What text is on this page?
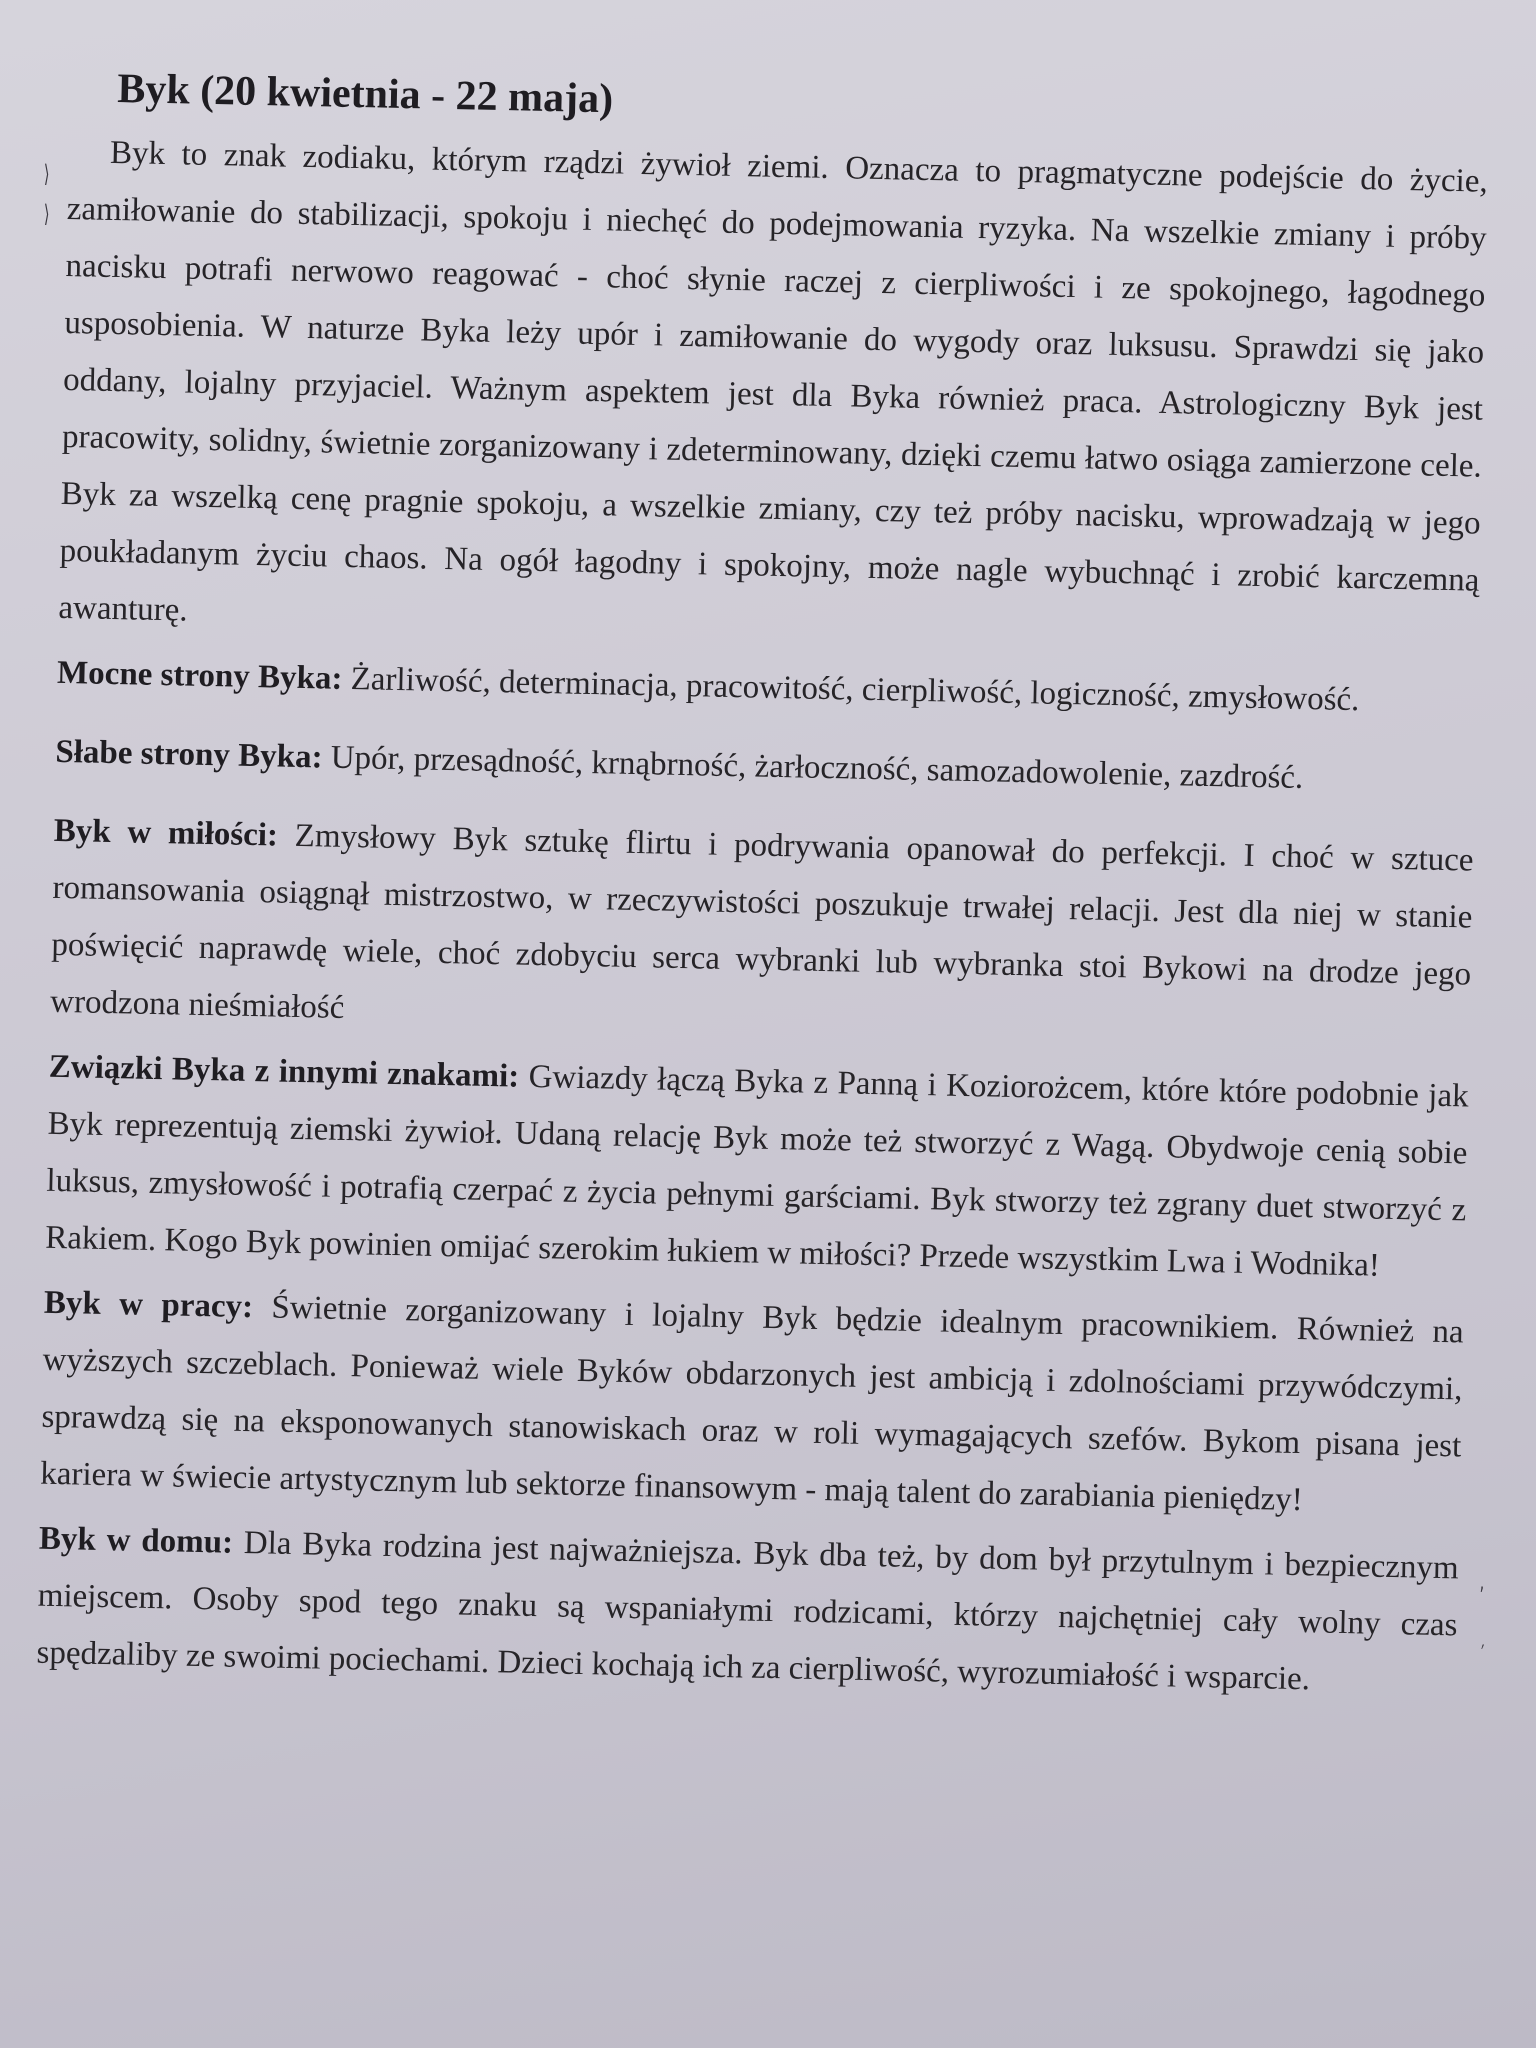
⟩
⟩
’
′
Byk (20 kwietnia - 22 maja)

Byk to znak zodiaku, którym rządzi żywioł ziemi. Oznacza to pragmatyczne podejście do życie, zamiłowanie do stabilizacji, spokoju i niechęć do podejmowania ryzyka. Na wszelkie zmiany i próby nacisku potrafi nerwowo reagować - choć słynie raczej z cierpliwości i ze spokojnego, łagodnego usposobienia. W naturze Byka leży upór i zamiłowanie do wygody oraz luksusu. Sprawdzi się jako oddany, lojalny przyjaciel. Ważnym aspektem jest dla Byka również praca. Astrologiczny Byk jest pracowity, solidny, świetnie zorganizowany i zdeterminowany, dzięki czemu łatwo osiąga zamierzone cele. Byk za wszelką cenę pragnie spokoju, a wszelkie zmiany, czy też próby nacisku, wprowadzają w jego poukładanym życiu chaos. Na ogół łagodny i spokojny, może nagle wybuchnąć i zrobić karczemną awanturę.

Mocne strony Byka: Żarliwość, determinacja, pracowitość, cierpliwość, logiczność, zmysłowość.

Słabe strony Byka: Upór, przesądność, krnąbrność, żarłoczność, samozadowolenie, zazdrość.

Byk w miłości: Zmysłowy Byk sztukę flirtu i podrywania opanował do perfekcji. I choć w sztuce romansowania osiągnął mistrzostwo, w rzeczywistości poszukuje trwałej relacji. Jest dla niej w stanie poświęcić naprawdę wiele, choć zdobyciu serca wybranki lub wybranka stoi Bykowi na drodze jego wrodzona nieśmiałość

Związki Byka z innymi znakami: Gwiazdy łączą Byka z Panną i Koziorożcem, które które podobnie jak Byk reprezentują ziemski żywioł. Udaną relację Byk może też stworzyć z Wagą. Obydwoje cenią sobie luksus, zmysłowość i potrafią czerpać z życia pełnymi garściami. Byk stworzy też zgrany duet stworzyć z Rakiem. Kogo Byk powinien omijać szerokim łukiem w miłości? Przede wszystkim Lwa i Wodnika!

Byk w pracy: Świetnie zorganizowany i lojalny Byk będzie idealnym pracownikiem. Również na wyższych szczeblach. Ponieważ wiele Byków obdarzonych jest ambicją i zdolnościami przywódczymi, sprawdzą się na eksponowanych stanowiskach oraz w roli wymagających szefów. Bykom pisana jest kariera w świecie artystycznym lub sektorze finansowym - mają talent do zarabiania pieniędzy!

Byk w domu: Dla Byka rodzina jest najważniejsza. Byk dba też, by dom był przytulnym i bezpiecznym miejscem. Osoby spod tego znaku są wspaniałymi rodzicami, którzy najchętniej cały wolny czas spędzaliby ze swoimi pociechami. Dzieci kochają ich za cierpliwość, wyrozumiałość i wsparcie.
